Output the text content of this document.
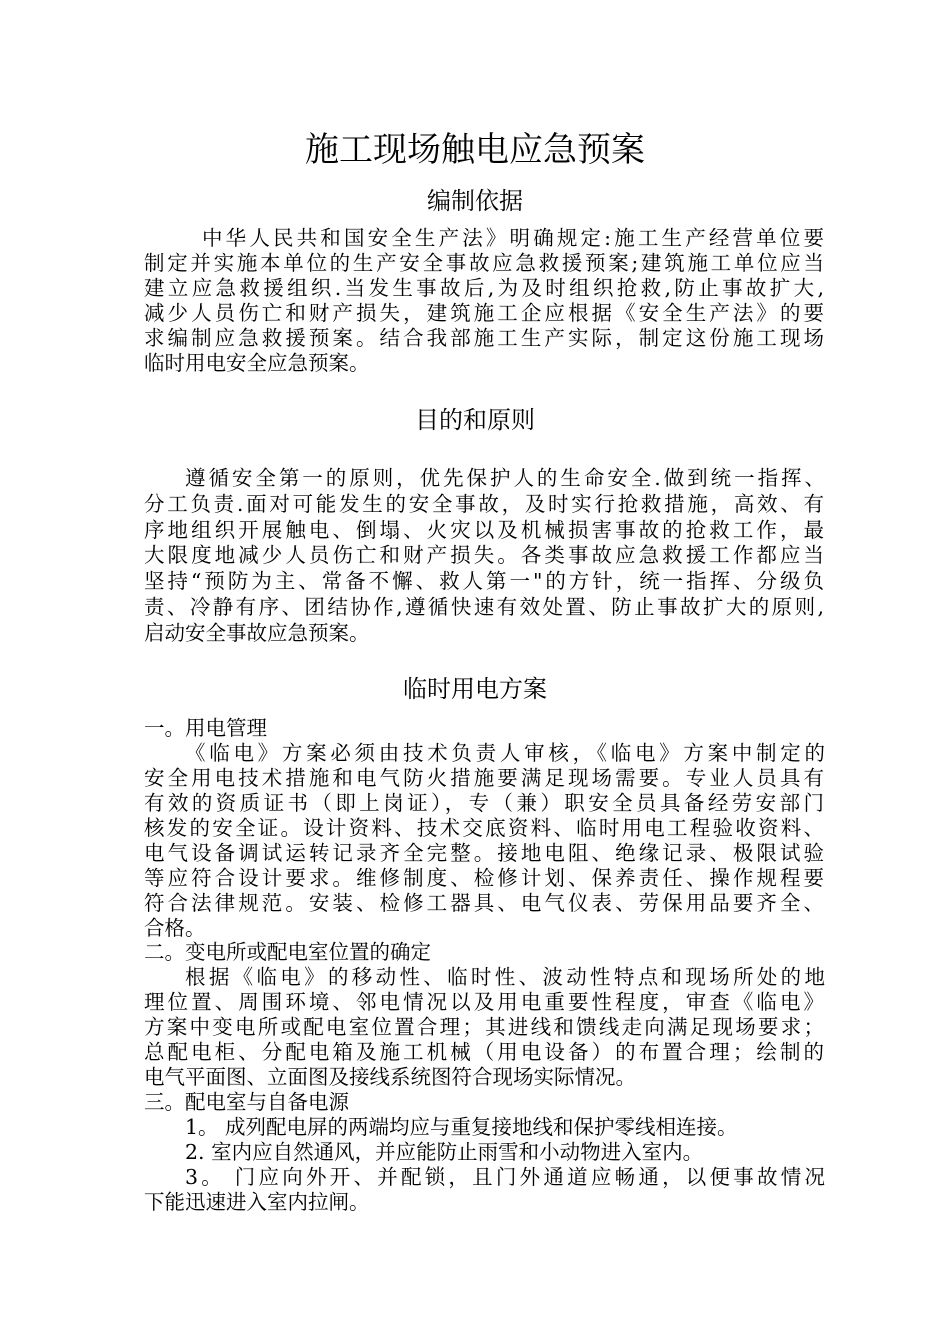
施工现场触电应急预案
编制依据
中华人民共和国安全生产法》明确规定:施工生产经营单位要
制定并实施本单位的生产安全事故应急救援预案;建筑施工单位应当
建立应急救援组织.当发生事故后,为及时组织抢救,防止事故扩大,
减少人员伤亡和财产损失，建筑施工企应根据《安全生产法》的要
求编制应急救援预案。结合我部施工生产实际，制定这份施工现场
临时用电安全应急预案。
目的和原则
遵循安全第一的原则，优先保护人的生命安全.做到统一指挥、
分工负责.面对可能发生的安全事故，及时实行抢救措施，高效、有
序地组织开展触电、倒塌、火灾以及机械损害事故的抢救工作，最
大限度地减少人员伤亡和财产损失。各类事故应急救援工作都应当
坚持“预防为主、常备不懈、救人第一"的方针，统一指挥、分级负
责、冷静有序、团结协作,遵循快速有效处置、防止事故扩大的原则,
启动安全事故应急预案。
临时用电方案
一。用电管理
《临电》方案必须由技术负责人审核，《临电》方案中制定的
安全用电技术措施和电气防火措施要满足现场需要。专业人员具有
有效的资质证书（即上岗证），专（兼）职安全员具备经劳安部门
核发的安全证。设计资料、技术交底资料、临时用电工程验收资料、
电气设备调试运转记录齐全完整。接地电阻、绝缘记录、极限试验
等应符合设计要求。维修制度、检修计划、保养责任、操作规程要
符合法律规范。安装、检修工器具、电气仪表、劳保用品要齐全、
合格。
二。变电所或配电室位置的确定
根据《临电》的移动性、临时性、波动性特点和现场所处的地
理位置、周围环境、邻电情况以及用电重要性程度，审查《临电》
方案中变电所或配电室位置合理；其进线和馈线走向满足现场要求；
总配电柜、分配电箱及施工机械（用电设备）的布置合理；绘制的
电气平面图、立面图及接线系统图符合现场实际情况。
三。配电室与自备电源
1。 成列配电屏的两端均应与重复接地线和保护零线相连接。
2. 室内应自然通风，并应能防止雨雪和小动物进入室内。
3。 门应向外开、并配锁，且门外通道应畅通，以便事故情况
下能迅速进入室内拉闸。
